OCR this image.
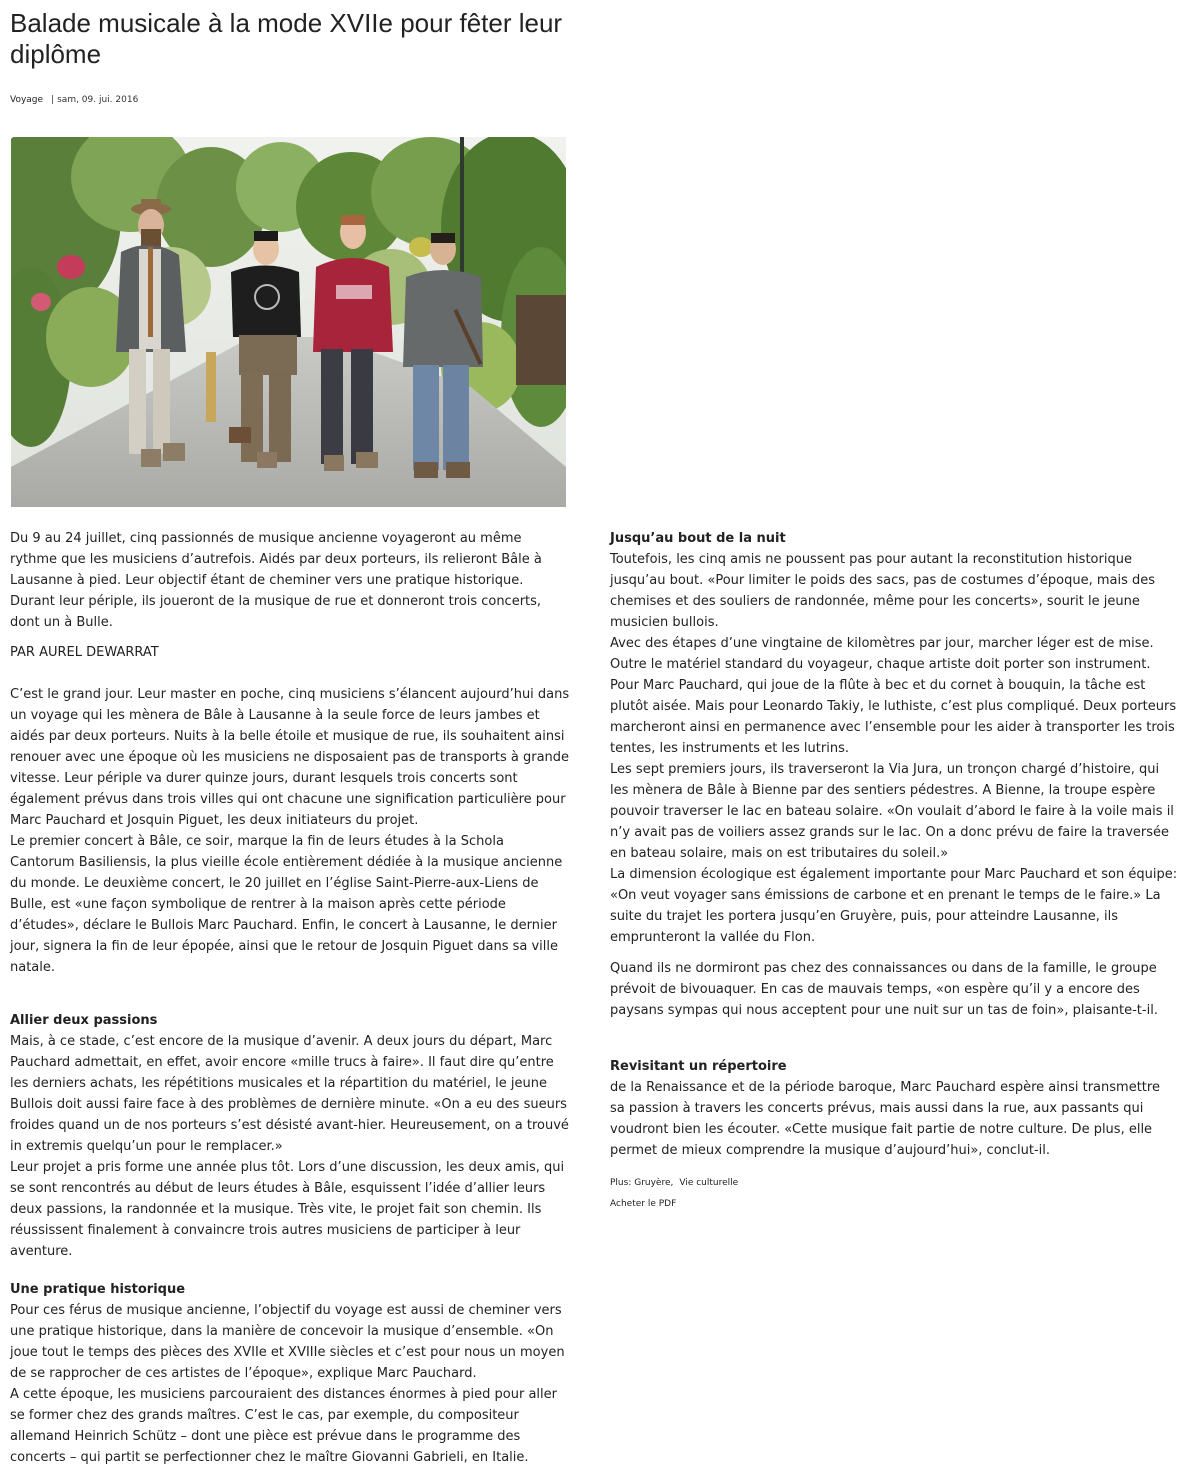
Balade musicale à la mode XVIIe pour fêter leur diplôme
Voyage | sam, 09. jui. 2016

Du 9 au 24 juillet, cinq passionnés de musique ancienne voyageront au même rythme que les musiciens d’autrefois. Aidés par deux porteurs, ils relieront Bâle à Lausanne à pied. Leur objectif étant de cheminer vers une pratique historique. Durant leur périple, ils joueront de la musique de rue et donneront trois concerts, dont un à Bulle.

PAR AUREL DEWARRAT

C’est le grand jour. Leur master en poche, cinq musiciens s’élancent aujourd’hui dans un voyage qui les mènera de Bâle à Lausanne à la seule force de leurs jambes et aidés par deux porteurs. Nuits à la belle étoile et musique de rue, ils souhaitent ainsi renouer avec une époque où les musiciens ne disposaient pas de transports à grande vitesse. Leur périple va durer quinze jours, durant lesquels trois concerts sont également prévus dans trois villes qui ont chacune une signification particulière pour Marc Pauchard et Josquin Piguet, les deux initiateurs du projet.

Le premier concert à Bâle, ce soir, marque la fin de leurs études à la Schola Cantorum Basiliensis, la plus vieille école entièrement dédiée à la musique ancienne du monde. Le deuxième concert, le 20 juillet en l’église Saint-Pierre-aux-Liens de Bulle, est «une façon symbolique de rentrer à la maison après cette période d’études», déclare le Bullois Marc Pauchard. Enfin, le concert à Lausanne, le dernier jour, signera la fin de leur épopée, ainsi que le retour de Josquin Piguet dans sa ville natale.

Allier deux passions

Mais, à ce stade, c’est encore de la musique d’avenir. A deux jours du départ, Marc Pauchard admettait, en effet, avoir encore «mille trucs à faire». Il faut dire qu’entre les derniers achats, les répétitions musicales et la répartition du matériel, le jeune Bullois doit aussi faire face à des problèmes de dernière minute. «On a eu des sueurs froides quand un de nos porteurs s’est désisté avant-hier. Heureusement, on a trouvé in extremis quelqu’un pour le remplacer.»

Leur projet a pris forme une année plus tôt. Lors d’une discussion, les deux amis, qui se sont rencontrés au début de leurs études à Bâle, esquissent l’idée d’allier leurs deux passions, la randonnée et la musique. Très vite, le projet fait son chemin. Ils réussissent finalement à convaincre trois autres musiciens de participer à leur aventure.

Une pratique historique

Pour ces férus de musique ancienne, l’objectif du voyage est aussi de cheminer vers une pratique historique, dans la manière de concevoir la musique d’ensemble. «On joue tout le temps des pièces des XVIIe et XVIIIe siècles et c’est pour nous un moyen de se rapprocher de ces artistes de l’époque», explique Marc Pauchard.

A cette époque, les musiciens parcouraient des distances énormes à pied pour aller se former chez des grands maîtres. C’est le cas, par exemple, du compositeur allemand Heinrich Schütz – dont une pièce est prévue dans le programme des concerts – qui partit se perfectionner chez le maître Giovanni Gabrieli, en Italie.

Jusqu’au bout de la nuit

Toutefois, les cinq amis ne poussent pas pour autant la reconstitution historique jusqu’au bout. «Pour limiter le poids des sacs, pas de costumes d’époque, mais des chemises et des souliers de randonnée, même pour les concerts», sourit le jeune musicien bullois.

Avec des étapes d’une vingtaine de kilomètres par jour, marcher léger est de mise. Outre le matériel standard du voyageur, chaque artiste doit porter son instrument. Pour Marc Pauchard, qui joue de la flûte à bec et du cornet à bouquin, la tâche est plutôt aisée. Mais pour Leonardo Takiy, le luthiste, c’est plus compliqué. Deux porteurs marcheront ainsi en permanence avec l’ensemble pour les aider à transporter les trois tentes, les instruments et les lutrins.

Les sept premiers jours, ils traverseront la Via Jura, un tronçon chargé d’histoire, qui les mènera de Bâle à Bienne par des sentiers pédestres. A Bienne, la troupe espère pouvoir traverser le lac en bateau solaire. «On voulait d’abord le faire à la voile mais il n’y avait pas de voiliers assez grands sur le lac. On a donc prévu de faire la traversée en bateau solaire, mais on est tributaires du soleil.»

La dimension écologique est également importante pour Marc Pauchard et son équipe: «On veut voyager sans émissions de carbone et en prenant le temps de le faire.» La suite du trajet les portera jusqu’en Gruyère, puis, pour atteindre Lausanne, ils emprunteront la vallée du Flon.

Quand ils ne dormiront pas chez des connaissances ou dans de la famille, le groupe prévoit de bivouaquer. En cas de mauvais temps, «on espère qu’il y a encore des paysans sympas qui nous acceptent pour une nuit sur un tas de foin», plaisante-t-il.

Revisitant un répertoire

de la Renaissance et de la période baroque, Marc Pauchard espère ainsi transmettre sa passion à travers les concerts prévus, mais aussi dans la rue, aux passants qui voudront bien les écouter. «Cette musique fait partie de notre culture. De plus, elle permet de mieux comprendre la musique d’aujourd’hui», conclut-il.

Plus: Gruyère, Vie culturelle
Acheter le PDF
